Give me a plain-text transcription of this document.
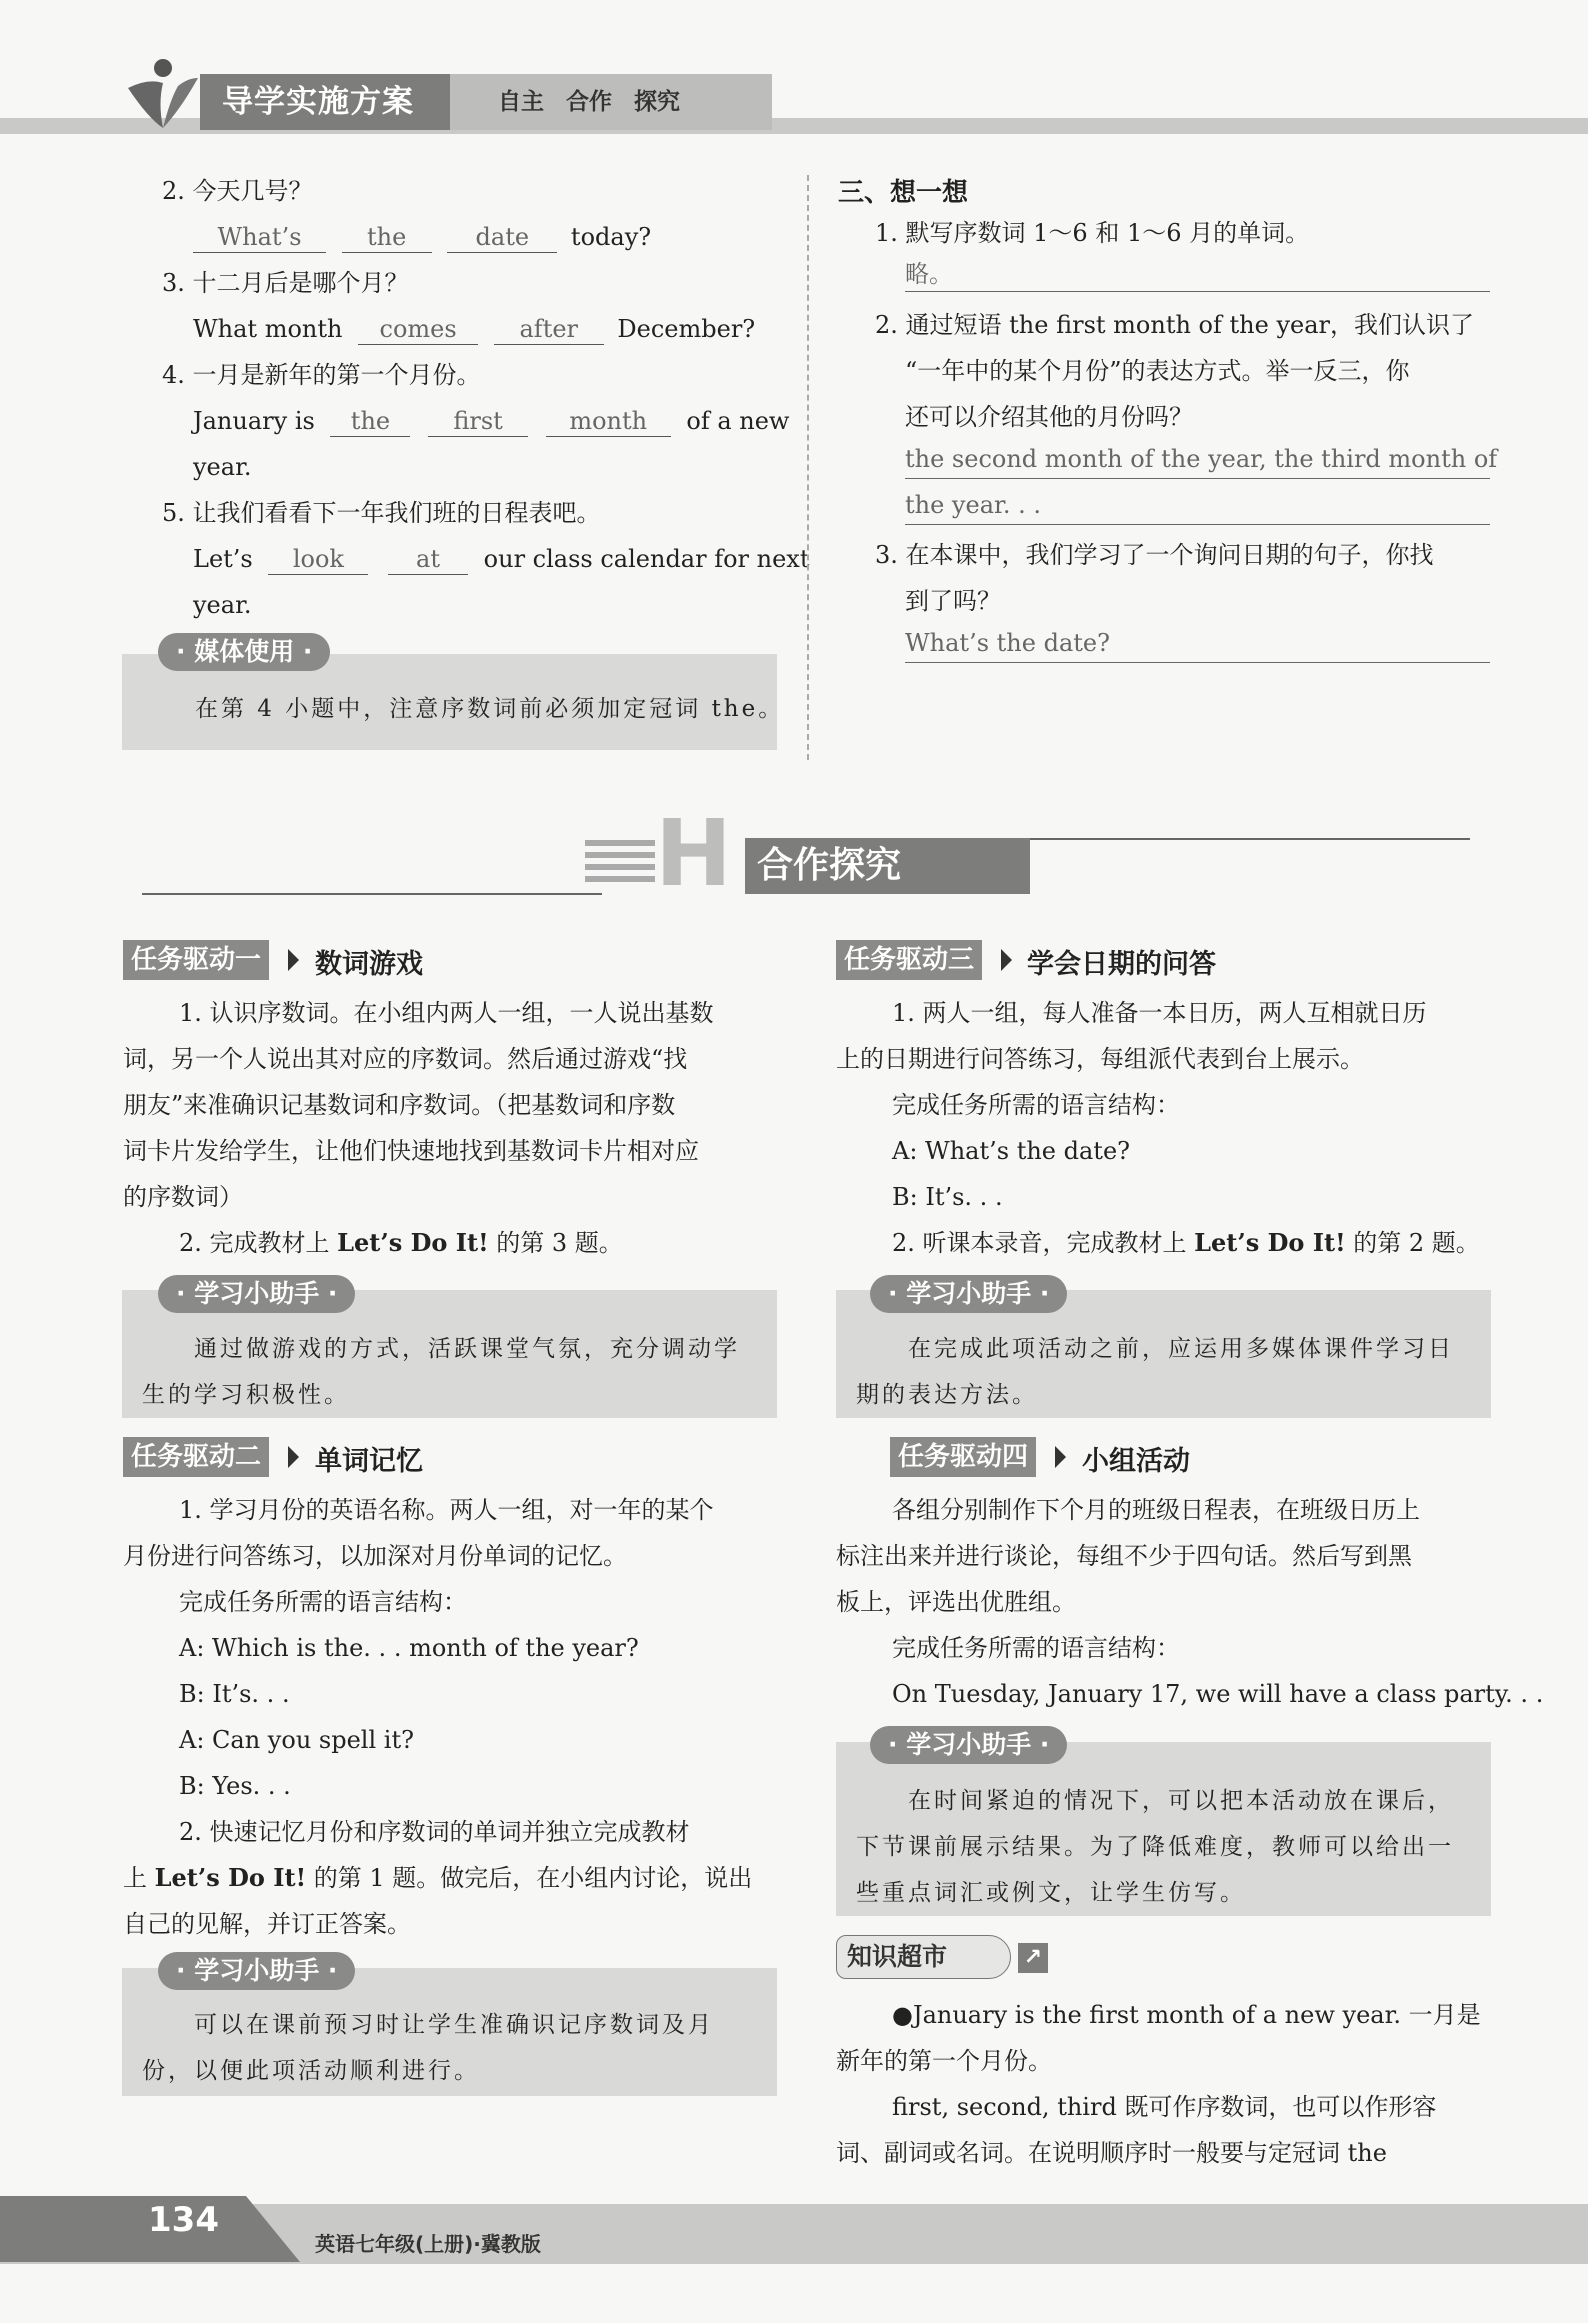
导学实施方案	自主 合作 探究
2. 今天几号？
What’s	the	date today?
3. 十二月后是哪个月？
What month comes	after December?
4. 一月是新年的第一个月份。
January is the	first	month of a new
year.
5. 让我们看看下一年我们班的日程表吧。
Let’s look	at our class calendar for next
year.
· 媒体使用 ·
在第 4 小题中，注意序数词前必须加定冠词 the。
三、想一想
1. 默写序数词 1～6 和 1～6 月的单词。
略。
2. 通过短语 the first month of the year，我们认识了
“一年中的某个月份”的表达方式。举一反三，你
还可以介绍其他的月份吗？
the second month of the year, the third month of
the year. . .
3. 在本课中，我们学习了一个询问日期的句子，你找
到了吗？
What’s the date?
H 合作探究
任务驱动一 数词游戏
1. 认识序数词。在小组内两人一组，一人说出基数
词，另一个人说出其对应的序数词。然后通过游戏“找
朋友”来准确识记基数词和序数词。（把基数词和序数
词卡片发给学生，让他们快速地找到基数词卡片相对应
的序数词）
2. 完成教材上 Let’s Do It! 的第 3 题。
· 学习小助手 ·
通过做游戏的方式，活跃课堂气氛，充分调动学
生的学习积极性。
任务驱动二 单词记忆
1. 学习月份的英语名称。两人一组，对一年的某个
月份进行问答练习，以加深对月份单词的记忆。
完成任务所需的语言结构：
A: Which is the. . . month of the year?
B: It’s. . .
A: Can you spell it?
B: Yes. . .
2. 快速记忆月份和序数词的单词并独立完成教材
上 Let’s Do It! 的第 1 题。做完后，在小组内讨论，说出
自己的见解，并订正答案。
· 学习小助手 ·
可以在课前预习时让学生准确识记序数词及月
份，以便此项活动顺利进行。
任务驱动三 学会日期的问答
1. 两人一组，每人准备一本日历，两人互相就日历
上的日期进行问答练习，每组派代表到台上展示。
完成任务所需的语言结构：
A: What’s the date?
B: It’s. . .
2. 听课本录音，完成教材上 Let’s Do It! 的第 2 题。
· 学习小助手 ·
在完成此项活动之前，应运用多媒体课件学习日
期的表达方法。
任务驱动四 小组活动
各组分别制作下个月的班级日程表，在班级日历上
标注出来并进行谈论，每组不少于四句话。然后写到黑
板上，评选出优胜组。
完成任务所需的语言结构：
On Tuesday, January 17, we will have a class party. . .
· 学习小助手 ·
在时间紧迫的情况下，可以把本活动放在课后，
下节课前展示结果。为了降低难度，教师可以给出一
些重点词汇或例文，让学生仿写。
知识超市	↗
●January is the first month of a new year. 一月是
新年的第一个月份。
first, second, third 既可作序数词，也可以作形容
词、副词或名词。在说明顺序时一般要与定冠词 the
134
英语七年级(上册)·冀教版
